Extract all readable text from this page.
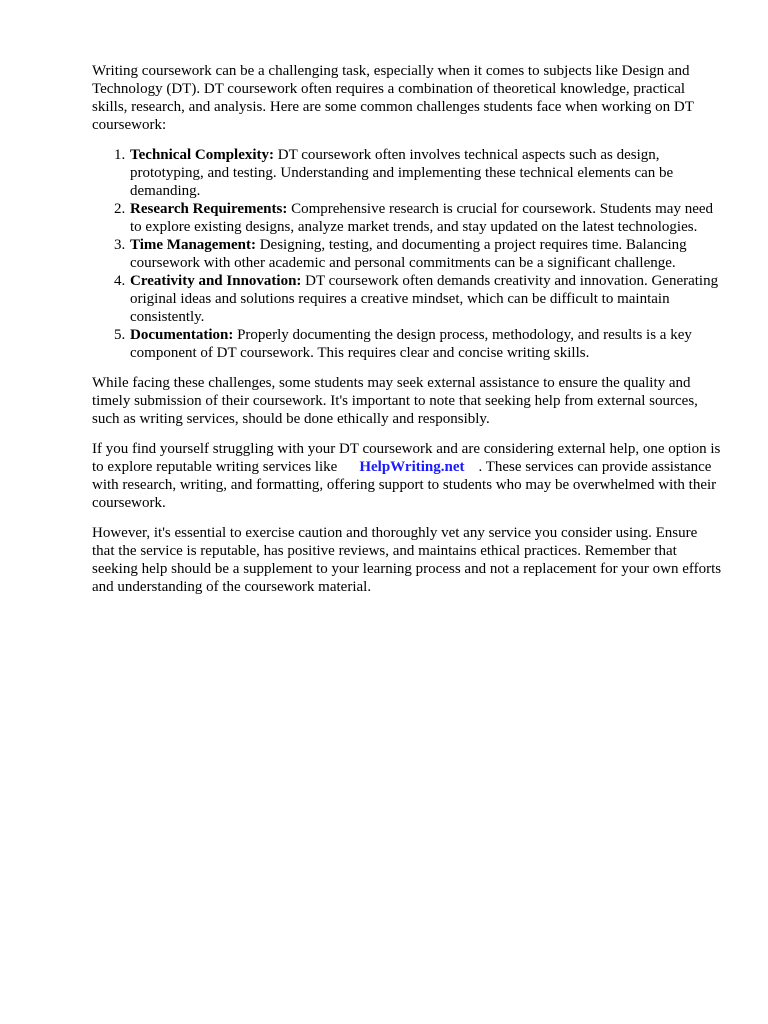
Writing coursework can be a challenging task, especially when it comes to subjects like Design and Technology (DT). DT coursework often requires a combination of theoretical knowledge, practical skills, research, and analysis. Here are some common challenges students face when working on DT coursework:

1. Technical Complexity: DT coursework often involves technical aspects such as design, prototyping, and testing. Understanding and implementing these technical elements can be demanding.
2. Research Requirements: Comprehensive research is crucial for coursework. Students may need to explore existing designs, analyze market trends, and stay updated on the latest technologies.
3. Time Management: Designing, testing, and documenting a project requires time. Balancing coursework with other academic and personal commitments can be a significant challenge.
4. Creativity and Innovation: DT coursework often demands creativity and innovation. Generating original ideas and solutions requires a creative mindset, which can be difficult to maintain consistently.
5. Documentation: Properly documenting the design process, methodology, and results is a key component of DT coursework. This requires clear and concise writing skills.

While facing these challenges, some students may seek external assistance to ensure the quality and timely submission of their coursework. It's important to note that seeking help from external sources, such as writing services, should be done ethically and responsibly.

If you find yourself struggling with your DT coursework and are considering external help, one option is to explore reputable writing services like HelpWriting.net . These services can provide assistance with research, writing, and formatting, offering support to students who may be overwhelmed with their coursework.

However, it's essential to exercise caution and thoroughly vet any service you consider using. Ensure that the service is reputable, has positive reviews, and maintains ethical practices. Remember that seeking help should be a supplement to your learning process and not a replacement for your own efforts and understanding of the coursework material.
